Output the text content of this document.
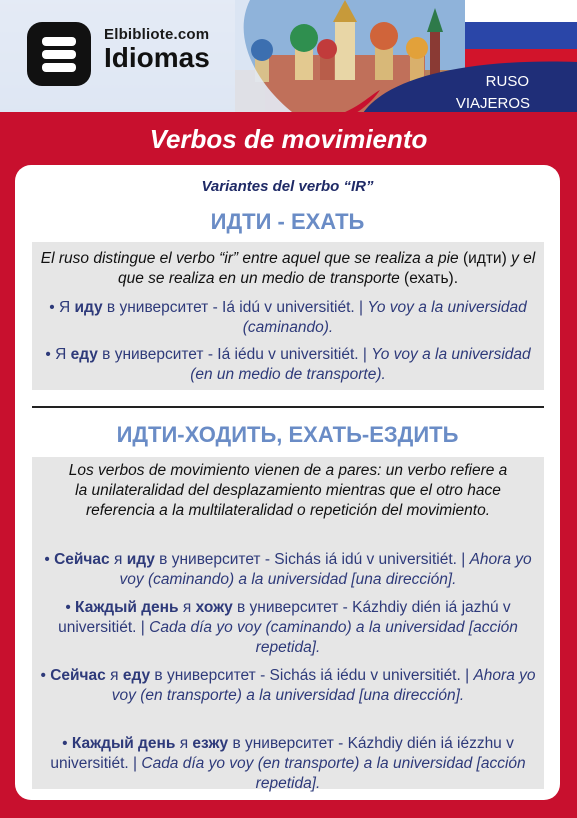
Elbibliote.com
Idiomas
RUSO
VIAJEROS
Verbos de movimiento
Variantes del verbo “IR”
ИДТИ - ЕХАТЬ
El ruso distingue el verbo “ir” entre aquel que se realiza a pie (идти) y el que se realiza en un medio de transporte (ехать).
• Я иду в университет - Iá idú v universitiét. | Yo voy a la universidad (caminando).
• Я еду в университет - Iá iédu v universitiét. | Yo voy a la universidad (en un medio de transporte).
ИДТИ-ХОДИТЬ, ЕХАТЬ-ЕЗДИТЬ
Los verbos de movimiento vienen de a pares: un verbo refiere a la unilateralidad del desplazamiento mientras que el otro hace referencia a la multilateralidad o repetición del movimiento.
• Сейчас я иду в университет - Sichás iá idú v universitiét. | Ahora yo voy (caminando) a la universidad [una dirección].
• Каждый день я хожу в университет - Kázhdiy dién iá jazhú v universitiét. | Cada día yo voy (caminando) a la universidad [acción repetida].
• Сейчас я еду в университет - Sichás iá iédu v universitiét. | Ahora yo voy (en transporte) a la universidad [una dirección].
• Каждый день я езжу в университет - Kázhdiy dién iá iézzhu v universitiét. | Cada día yo voy (en transporte) a la universidad [acción repetida].
